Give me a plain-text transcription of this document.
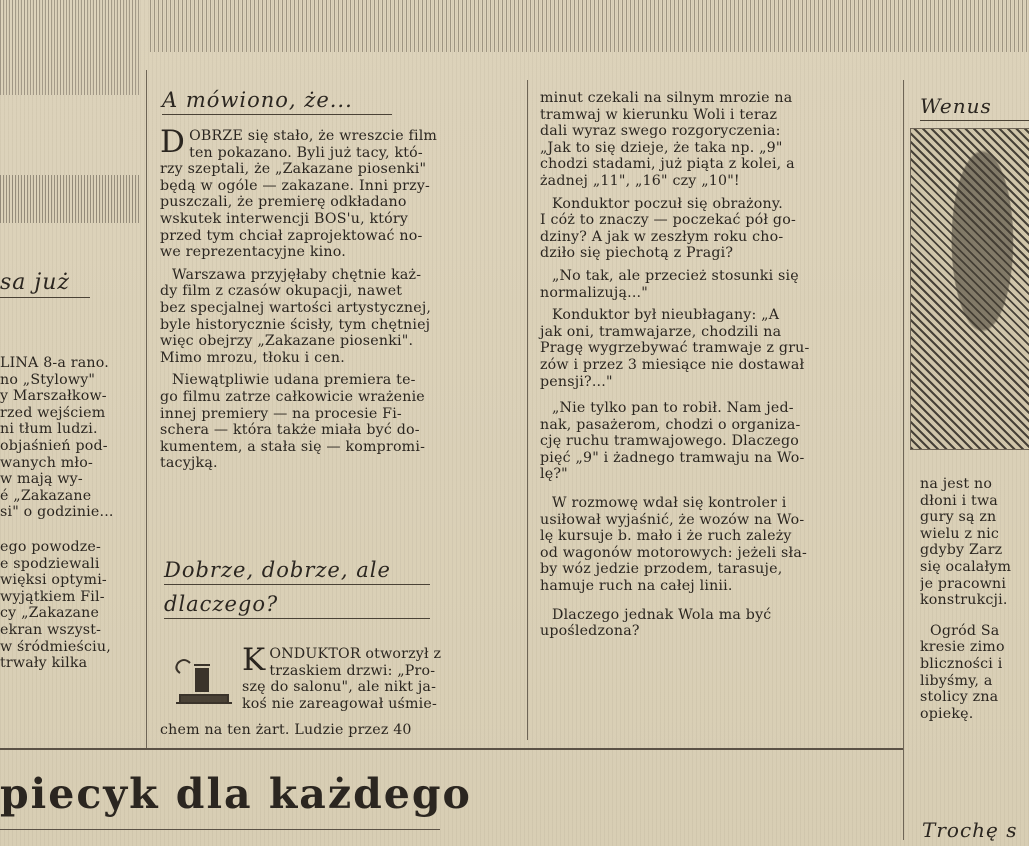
sa już

LINA 8-a rano.
no „Stylowy"
y Marszałkow-
rzed wejściem
ni tłum ludzi.
objaśnień pod-
wanych mło-
w mają wy-
é „Zakazane
si" o godzinie...

ego powodze-
e spodziewali
więksi optymi-
wyjątkiem Fil-
cy „Zakazane
ekran wszyst-
w śródmieściu,
trwały kilka

A mówiono, że...

DOBRZE się stało, że wreszcie film
ten pokazano. Byli już tacy, któ-
rzy szeptali, że „Zakazane piosenki"
będą w ogóle — zakazane. Inni przy-
puszczali, że premierę odkładano
wskutek interwencji BOS'u, który
przed tym chciał zaprojektować no-
we reprezentacyjne kino.

Warszawa przyjęłaby chętnie każ-
dy film z czasów okupacji, nawet
bez specjalnej wartości artystycznej,
byle historycznie ścisły, tym chętniej
więc obejrzy „Zakazane piosenki".
Mimo mrozu, tłoku i cen.

Niewątpliwie udana premiera te-
go filmu zatrze całkowicie wrażenie
innej premiery — na procesie Fi-
schera — która także miała być do-
kumentem, a stała się — kompromi-
tacyjką.

Dobrze, dobrze, ale
dlaczego?

KONDUKTOR otworzył z
trzaskiem drzwi: „Pro-
szę do salonu", ale nikt ja-
koś nie zareagował uśmie-

chem na ten żart. Ludzie przez 40

minut czekali na silnym mrozie na
tramwaj w kierunku Woli i teraz
dali wyraz swego rozgoryczenia:
„Jak to się dzieje, że taka np. „9"
chodzi stadami, już piąta z kolei, a
żadnej „11", „16" czy „10"!

Konduktor poczuł się obrażony.
I cóż to znaczy — poczekać pół go-
dziny? A jak w zeszłym roku cho-
dziło się piechotą z Pragi?

„No tak, ale przecież stosunki się
normalizują..."

Konduktor był nieubłagany: „A
jak oni, tramwajarze, chodzili na
Pragę wygrzebywać tramwaje z gru-
zów i przez 3 miesiące nie dostawał
pensji?..."

„Nie tylko pan to robił. Nam jed-
nak, pasażerom, chodzi o organiza-
cję ruchu tramwajowego. Dlaczego
pięć „9" i żadnego tramwaju na Wo-
lę?"

W rozmowę wdał się kontroler i
usiłował wyjaśnić, że wozów na Wo-
lę kursuje b. mało i że ruch zależy
od wagonów motorowych: jeżeli sła-
by wóz jedzie przodem, tarasuje,
hamuje ruch na całej linii.

Dlaczego jednak Wola ma być
upośledzona?

Wenus

na jest no
dłoni i twa
gury są zn
wielu z nic
gdyby Zarz
się ocalałym
je pracowni
konstrukcji.

Ogród Sa
kresie zimo
bliczności i
libyśmy, a
stolicy zna
opiekę.

Trochę s
piecyk dla każdego
